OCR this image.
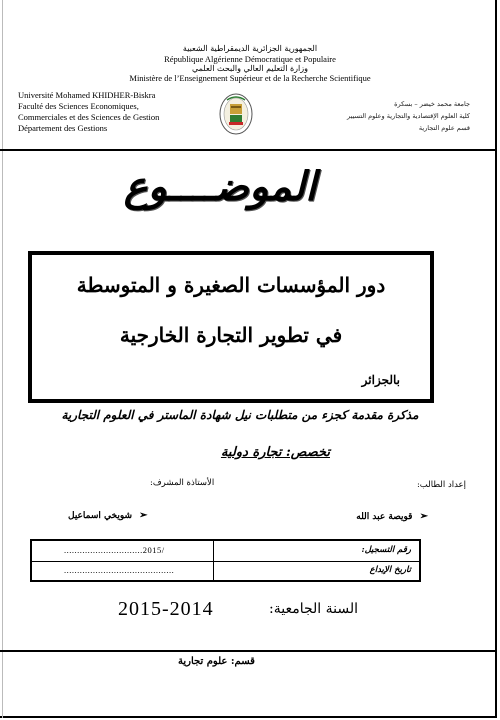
الجمهورية الجزائرية الديمقراطية الشعبية
République Algérienne Démocratique et Populaire
وزارة التعليم العالي والبحث العلمي
Ministère de l’Enseignement Supérieur et de la Recherche Scientifique
Université Mohamed KHIDHER-Biskra
Faculté des Sciences Economiques,
Commerciales et des Sciences de Gestion
Département des Gestions
جامعة محمد خيضر – بسكرة
كلية العلوم الإقتصادية والتجارية وعلوم التسيير
قسم علوم التجارية
الموضــــوع
دور المؤسسات الصغيرة و المتوسطة
في تطوير التجارة الخارجية
بالجزائر
مذكرة مقدمة كجزء من متطلبات نيل شهادة الماستر في العلوم التجارية
تخصص: تجارة دولية
إعداد الطالب:
الأستاذة المشرف:
➢ قويصة عبد الله
➢ شويخي اسماعيل
رقم التسجيل:
..............................2015/
تاريخ الإيداع
..........................................
السنة الجامعية:
2015-2014
قسم: علوم تجارية
